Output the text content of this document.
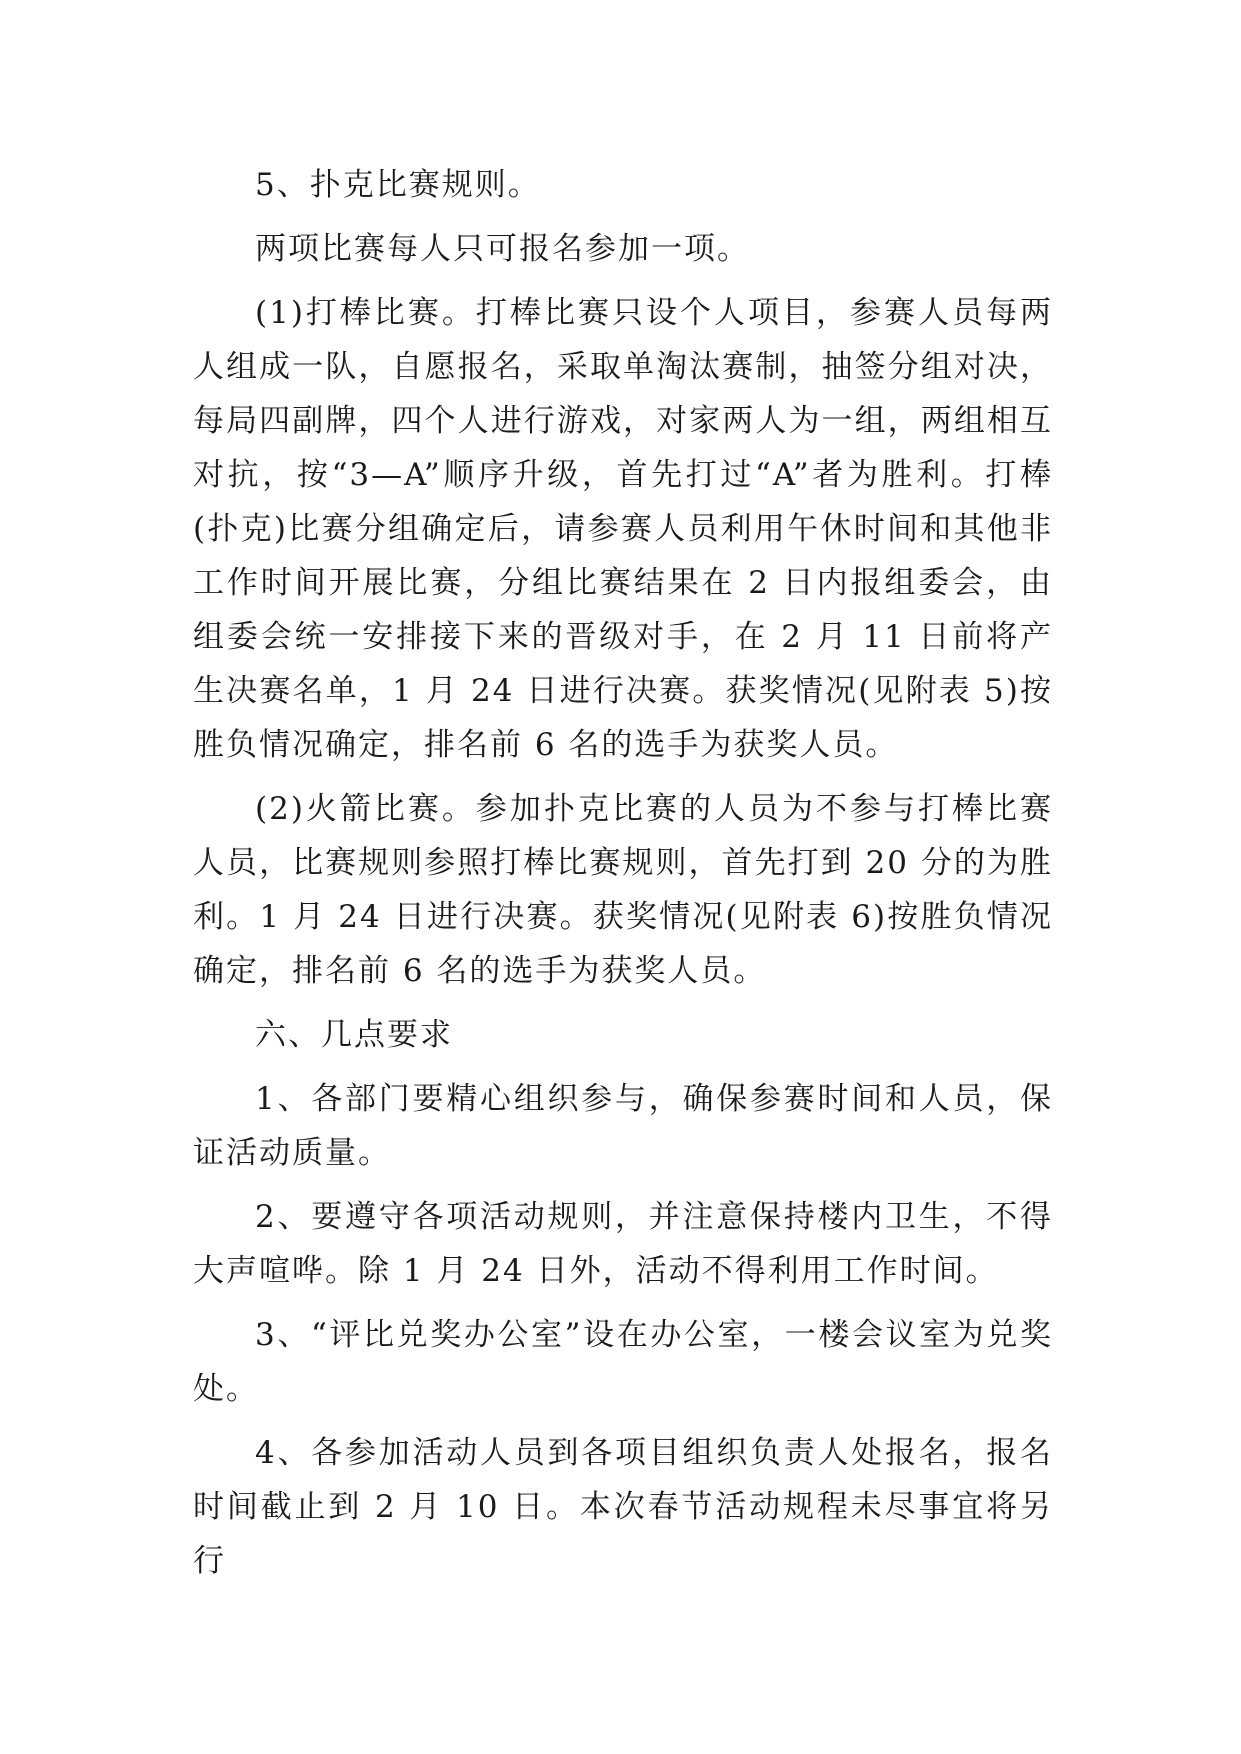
5、扑克比赛规则。

两项比赛每人只可报名参加一项。

(1)打棒比赛。打棒比赛只设个人项目，参赛人员每两人组成一队，自愿报名，采取单淘汰赛制，抽签分组对决，每局四副牌，四个人进行游戏，对家两人为一组，两组相互对抗，按“3—A”顺序升级，首先打过“A”者为胜利。打棒(扑克)比赛分组确定后，请参赛人员利用午休时间和其他非工作时间开展比赛，分组比赛结果在 2 日内报组委会，由组委会统一安排接下来的晋级对手，在 2 月 11 日前将产生决赛名单，1 月 24 日进行决赛。获奖情况(见附表 5)按胜负情况确定，排名前 6 名的选手为获奖人员。

(2)火箭比赛。参加扑克比赛的人员为不参与打棒比赛人员，比赛规则参照打棒比赛规则，首先打到 20 分的为胜利。1 月 24 日进行决赛。获奖情况(见附表 6)按胜负情况确定，排名前 6 名的选手为获奖人员。

六、几点要求

1、各部门要精心组织参与，确保参赛时间和人员，保证活动质量。

2、要遵守各项活动规则，并注意保持楼内卫生，不得大声喧哗。除 1 月 24 日外，活动不得利用工作时间。

3、“评比兑奖办公室”设在办公室，一楼会议室为兑奖处。

4、各参加活动人员到各项目组织负责人处报名，报名时间截止到 2 月 10 日。本次春节活动规程未尽事宜将另行
